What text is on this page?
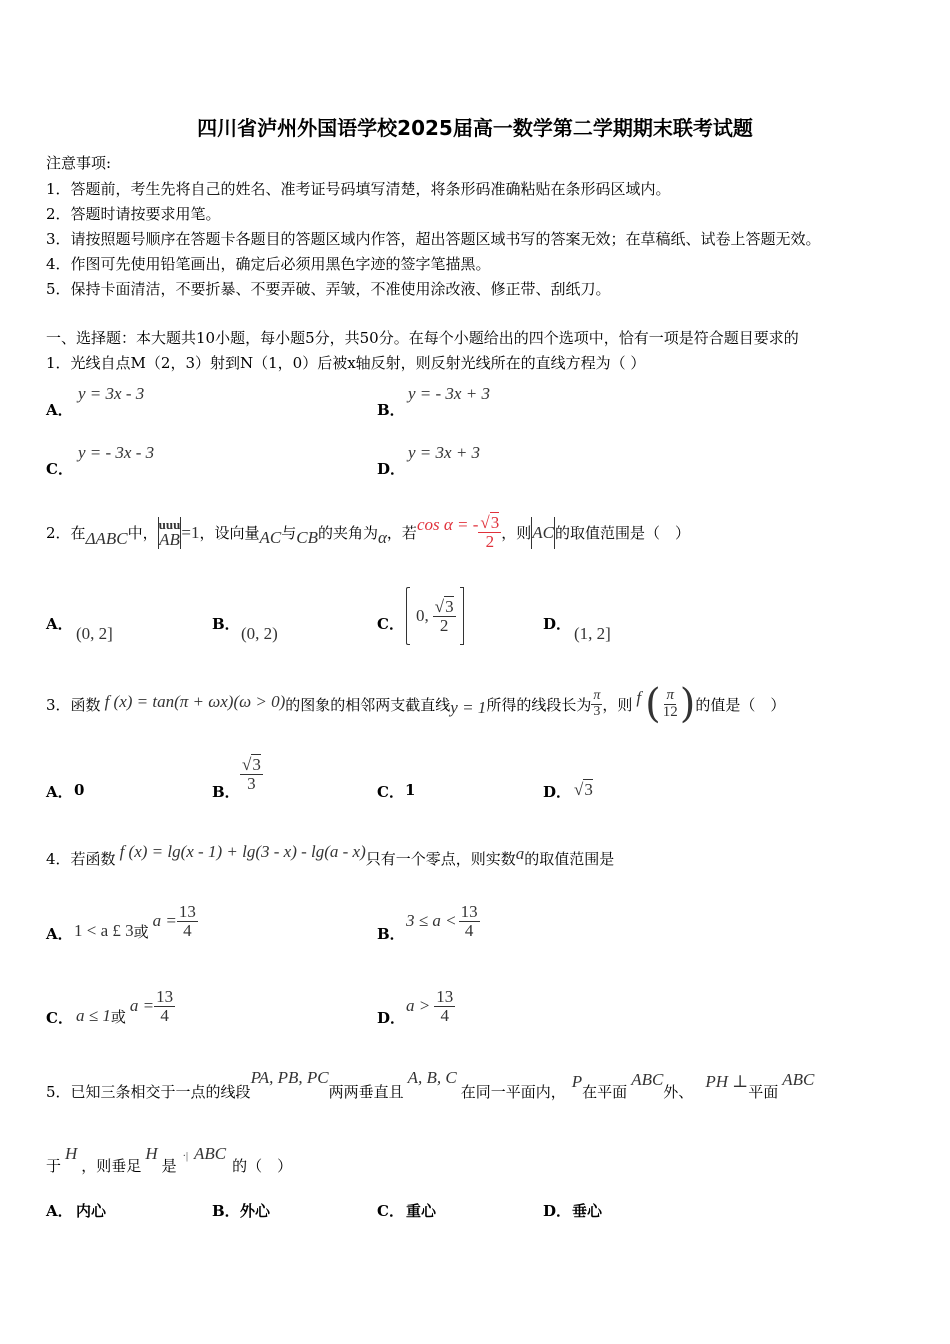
四川省泸州外国语学校2025届高一数学第二学期期末联考试题
注意事项:
1．答题前，考生先将自己的姓名、准考证号码填写清楚，将条形码准确粘贴在条形码区域内。
2．答题时请按要求用笔。
3．请按照题号顺序在答题卡各题目的答题区域内作答，超出答题区域书写的答案无效；在草稿纸、试卷上答题无效。
4．作图可先使用铅笔画出，确定后必须用黑色字迹的签字笔描黑。
5．保持卡面清洁，不要折暴、不要弄破、弄皱，不准使用涂改液、修正带、刮纸刀。
一、选择题：本大题共10小题，每小题5分，共50分。在每个小题给出的四个选项中，恰有一项是符合题目要求的
1．光线自点M（2，3）射到N（1，0）后被x轴反射，则反射光线所在的直线方程为（ ）
A．
y = 3x - 3
B．
y = - 3x + 3
C．
y = - 3x - 3
D．
y = 3x + 3
2． 在 ΔABC 中， uuu
AB =1 ，设向量 AC 与 CB 的夹角为 α ，若 cos α = - $\frac{√3}{2}$ ，则 AC 的取值范围是（　）
A． (0, 2]	B． (0, 2)	C． 0, $\frac{√3}{2}$	D． (1, 2]
3． 函数 f (x) = tan(π + ωx)(ω > 0) 的图象的相邻两支截直线 y = 1 所得的线段长为 $\frac{\pi}{3}$ ，则 f ( $\frac{\pi}{12}$ ) 的值是（　）
A． 0	B． $\frac{√3}{3}$	C． 1	D． √3
4． 若函数 f (x) = lg(x - 1) + lg(3 - x) - lg(a - x) 只有一个零点，则实数 a 的取值范围是
A． 1 < a £ 3 或
$a = \frac{13}{4}$	B．
$3 \le a < \frac{13}{4}$
C． a ≤ 1 或
$a = \frac{13}{4}$	D．
$a > \frac{13}{4}$
5． 已知三条相交于一点的线段
PA, PB, PC
两两垂直且
A, B, C
在同一平面内，
P
在平面
ABC
外、
PH ⊥
平面
ABC
于
H
，则垂足
H
是
·| ABC
的（　）
A． 内心	B． 外心	C． 重心	D． 垂心
